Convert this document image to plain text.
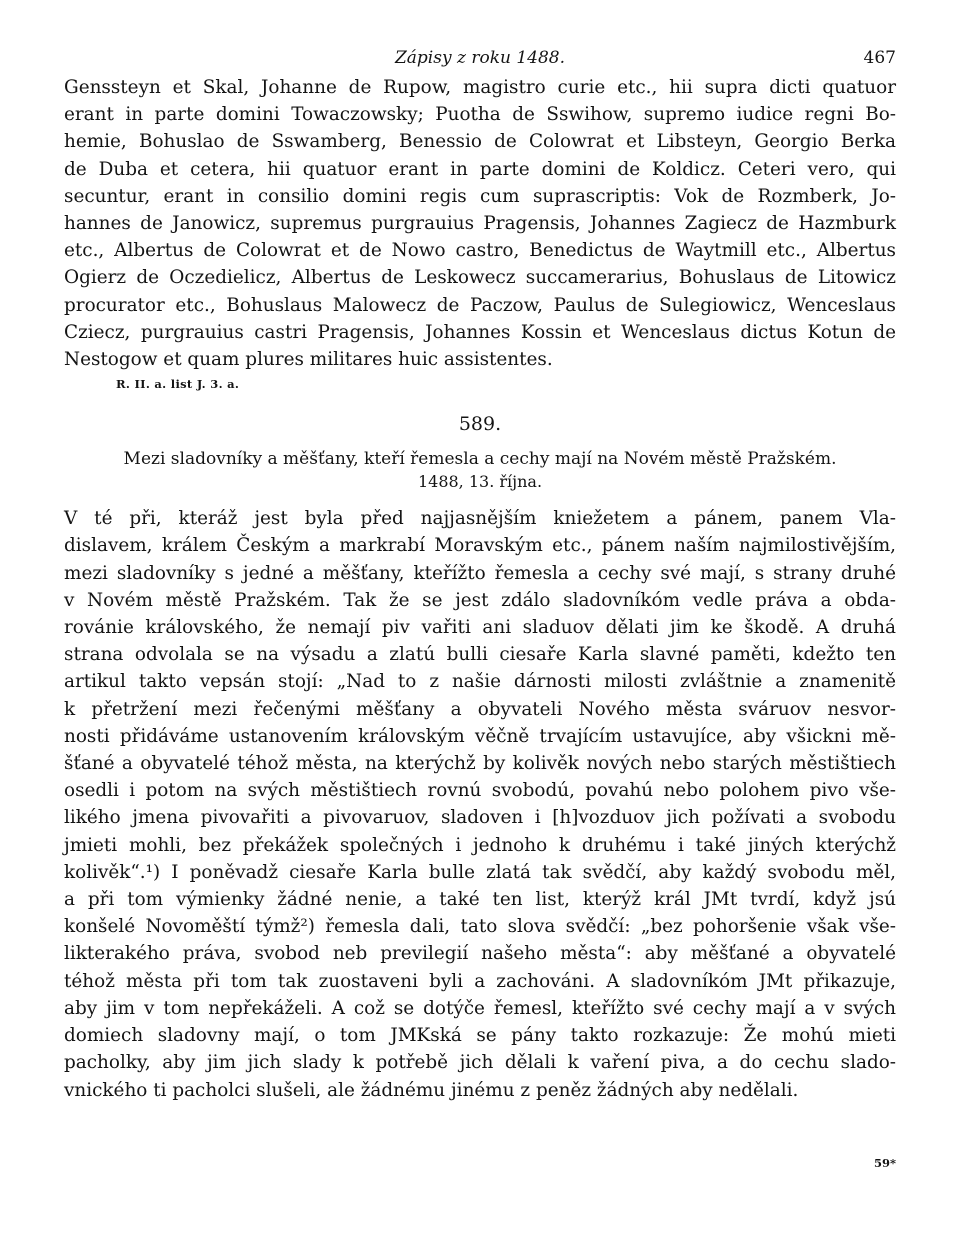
Zápisy z roku 1488.	467
Genssteyn et Skal, Johanne de Rupow, magistro curie etc., hii supra dicti quatuor
erant in parte domini Towaczowsky; Puotha de Sswihow, supremo iudice regni Bo-
hemie, Bohuslao de Sswamberg, Benessio de Colowrat et Libsteyn, Georgio Berka
de Duba et cetera, hii quatuor erant in parte domini de Koldicz. Ceteri vero, qui
secuntur, erant in consilio domini regis cum suprascriptis: Vok de Rozmberk, Jo-
hannes de Janowicz, supremus purgrauius Pragensis, Johannes Zagiecz de Hazmburk
etc., Albertus de Colowrat et de Nowo castro, Benedictus de Waytmill etc., Albertus
Ogierz de Oczedielicz, Albertus de Leskowecz succamerarius, Bohuslaus de Litowicz
procurator etc., Bohuslaus Malowecz de Paczow, Paulus de Sulegiowicz, Wenceslaus
Cziecz, purgrauius castri Pragensis, Johannes Kossin et Wenceslaus dictus Kotun de
Nestogow et quam plures militares huic assistentes.
R. II. a. list J. 3. a.
589.
Mezi sladovníky a měšťany, kteří řemesla a cechy mají na Novém městě Pražském.
1488, 13. října.
V té při, kteráž jest byla před najjasnějším kniežetem a pánem, panem Vla-
dislavem, králem Českým a markrabí Moravským etc., pánem naším najmilostivějším,
mezi sladovníky s jedné a měšťany, kteřížto řemesla a cechy své mají, s strany druhé
v Novém městě Pražském. Tak že se jest zdálo sladovníkóm vedle práva a obda-
rovánie královského, že nemají piv vařiti ani sladuov dělati jim ke škodě. A druhá
strana odvolala se na výsadu a zlatú bulli ciesaře Karla slavné paměti, kdežto ten
artikul takto vepsán stojí: „Nad to z našie dárnosti milosti zvláštnie a znamenitě
k přetržení mezi řečenými měšťany a obyvateli Nového města sváruov nesvor-
nosti přidáváme ustanovením královským věčně trvajícím ustavujíce, aby všickni mě-
šťané a obyvatelé téhož města, na kterýchž by kolivěk nových nebo starých městištiech
osedli i potom na svých městištiech rovnú svobodú, povahú nebo polohem pivo vše-
likého jmena pivovařiti a pivovaruov, sladoven i [h]vozduov jich požívati a svobodu
jmieti mohli, bez překážek společných i jednoho k druhému i také jiných kterýchž
kolivěk“.¹) I poněvadž ciesaře Karla bulle zlatá tak svědčí, aby každý svobodu měl,
a při tom výmienky žádné nenie, a také ten list, kterýž král JMt tvrdí, když jsú
konšelé Novoměští týmž²) řemesla dali, tato slova svědčí: „bez pohoršenie však vše-
likterakého práva, svobod neb previlegií našeho města“: aby měšťané a obyvatelé
téhož města při tom tak zuostaveni byli a zachováni. A sladovníkóm JMt přikazuje,
aby jim v tom nepřekáželi. A což se dotýče řemesl, kteřížto své cechy mají a v svých
domiech sladovny mají, o tom JMKská se pány takto rozkazuje: Že mohú mieti
pacholky, aby jim jich slady k potřebě jich dělali k vaření piva, a do cechu slado-
vnického ti pacholci slušeli, ale žádnému jinému z peněz žádných aby nedělali.
59*
